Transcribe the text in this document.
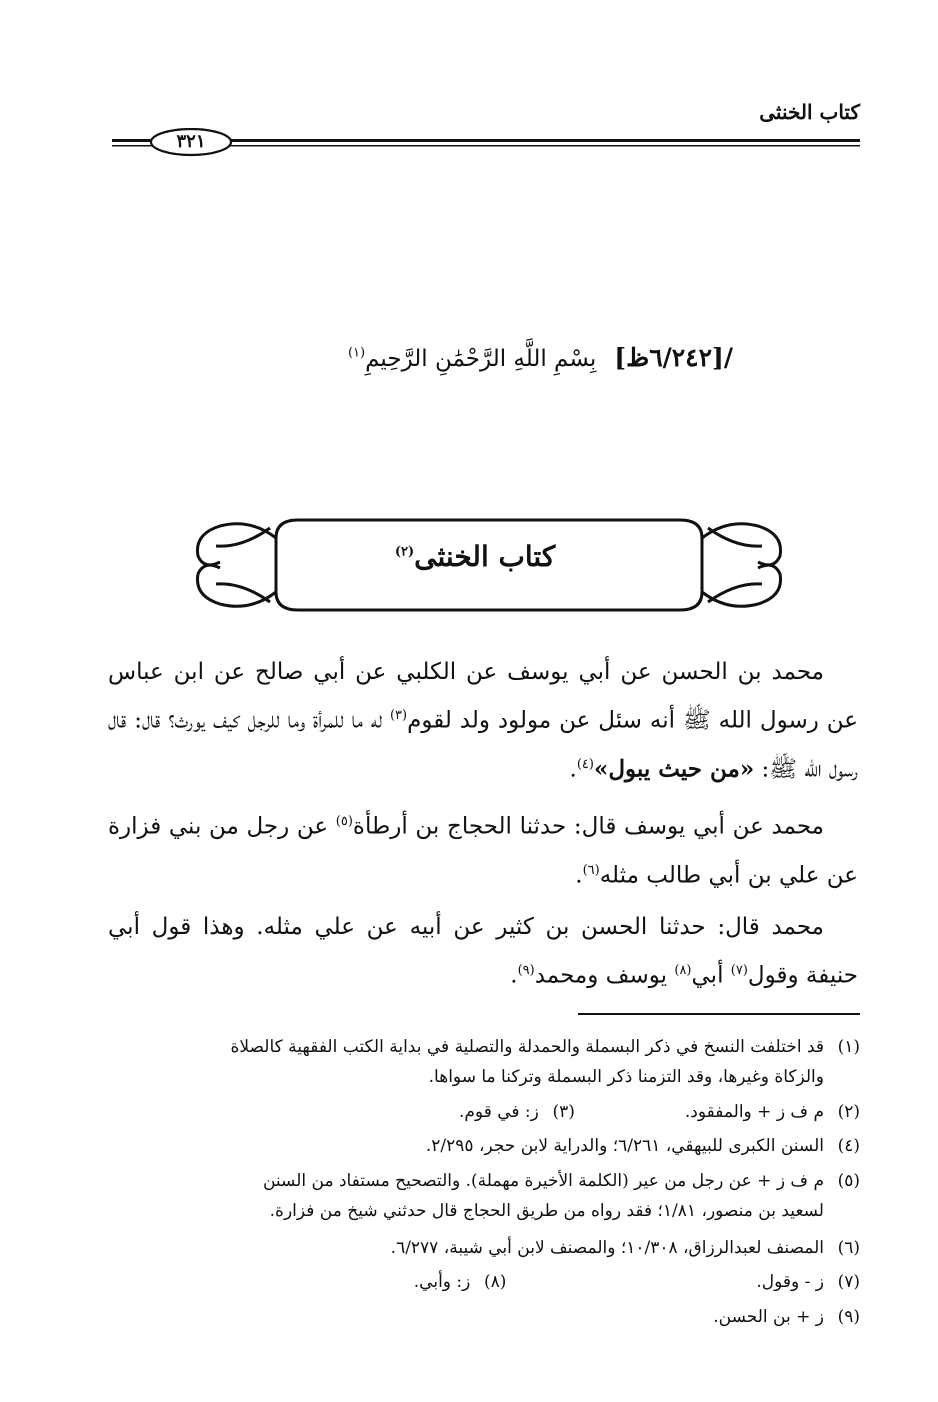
كتاب الخنثى
٣٢١
/[٦/٢٤٢ظ] بِسْمِ اللَّهِ الرَّحْمَٰنِ الرَّحِيمِ$^{(١)}$
كتاب الخنثى$^{(٢)}$
محمد بن الحسن عن أبي يوسف عن الكلبي عن أبي صالح عن ابن عباس عن رسول الله ﷺ أنه سئل عن مولود ولد لقوم$^{(٣)}$ له ما للمرأة وما للرجل كيف يورث؟ قال: قال رسول الله ﷺ: «من حيث يبول»$^{(٤)}$.
محمد عن أبي يوسف قال: حدثنا الحجاج بن أرطأة$^{(٥)}$ عن رجل من بني فزارة عن علي بن أبي طالب مثله$^{(٦)}$.
محمد قال: حدثنا الحسن بن كثير عن أبيه عن علي مثله. وهذا قول أبي حنيفة وقول$^{(٧)}$ أبي$^{(٨)}$ يوسف ومحمد$^{(٩)}$.
(١)قد اختلفت النسخ في ذكر البسملة والحمدلة والتصلية في بداية الكتب الفقهية كالصلاة
والزكاة وغيرها، وقد التزمنا ذكر البسملة وتركنا ما سواها.
(٢)م ف ز + والمفقود.
(٣)ز: في قوم.
(٤)السنن الكبرى للبيهقي، ٦/٢٦١؛ والدراية لابن حجر، ٢/٢٩٥.
(٥)م ف ز + عن رجل من عير (الكلمة الأخيرة مهملة). والتصحيح مستفاد من السنن
لسعيد بن منصور، ١/٨١؛ فقد رواه من طريق الحجاج قال حدثني شيخ من فزارة.
(٦)المصنف لعبدالرزاق، ١٠/٣٠٨؛ والمصنف لابن أبي شيبة، ٦/٢٧٧.
(٧)ز - وقول.
(٨)ز: وأبي.
(٩)ز + بن الحسن.
